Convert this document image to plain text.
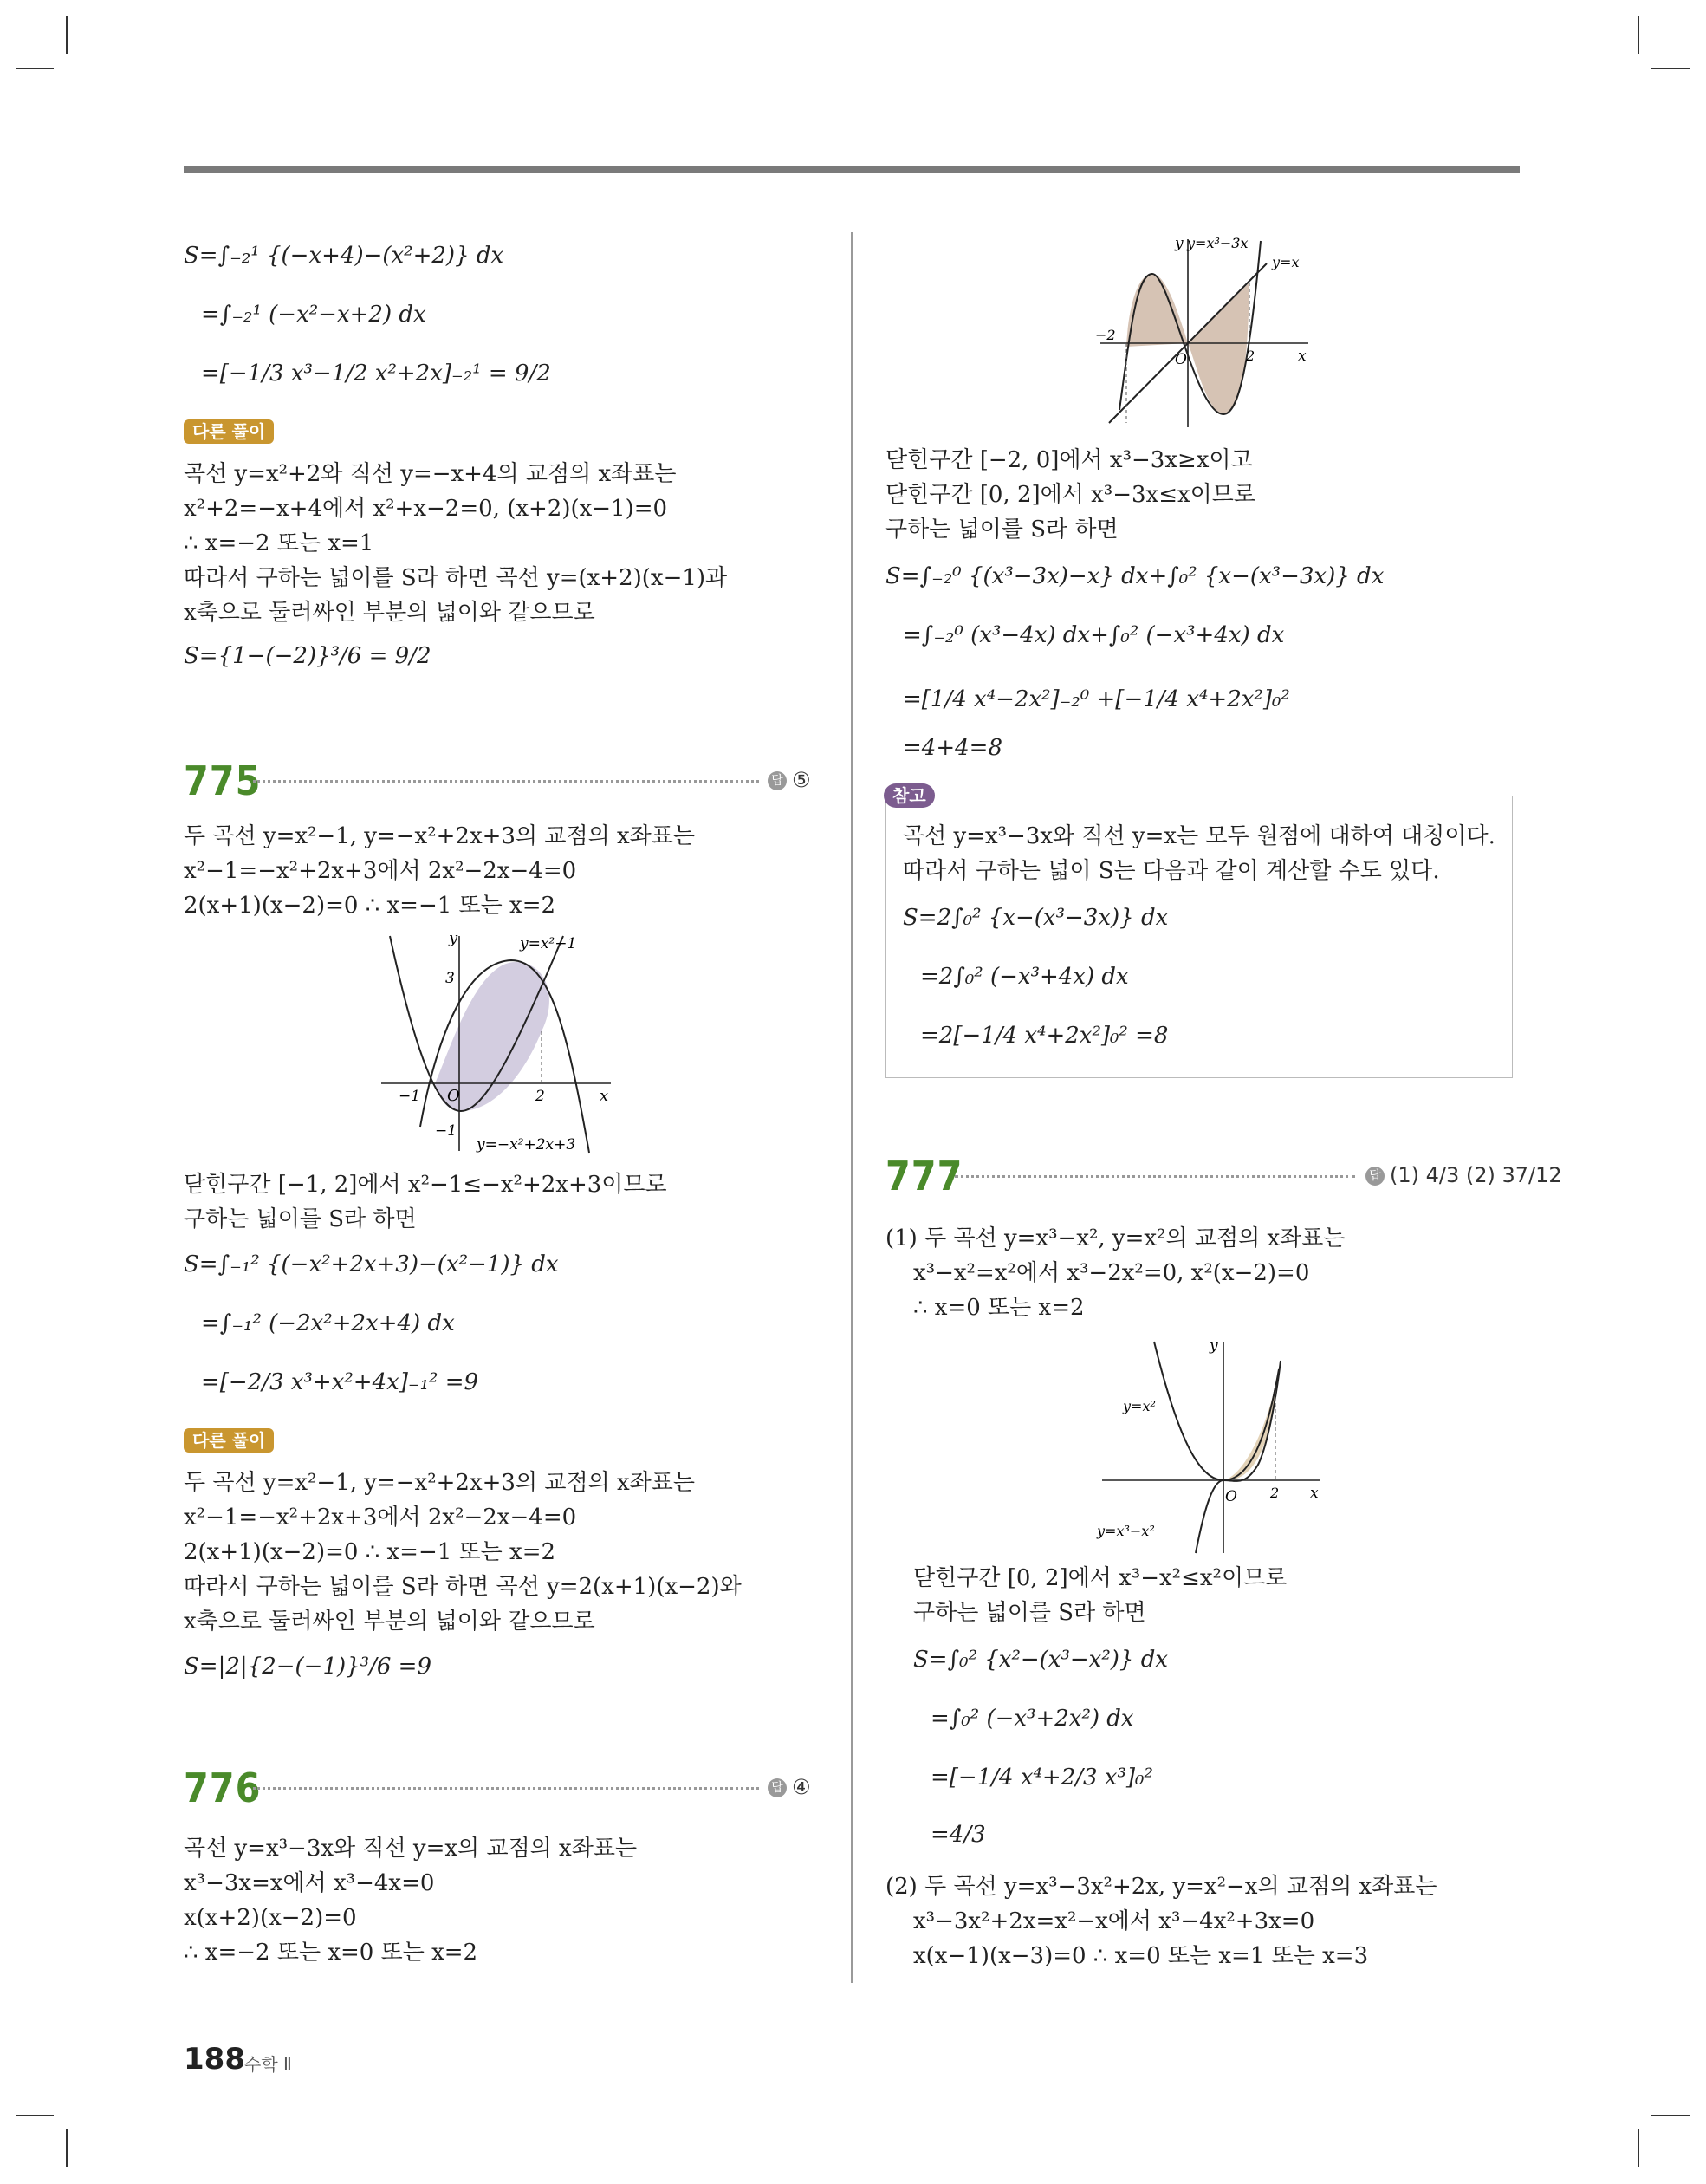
S=∫₋₂¹ {(−x+4)−(x²+2)} dx
=∫₋₂¹ (−x²−x+2) dx
=[−1/3 x³−1/2 x²+2x]₋₂¹ = 9/2
다른 풀이
곡선 y=x²+2와 직선 y=−x+4의 교점의 x좌표는
x²+2=−x+4에서 x²+x−2=0, (x+2)(x−1)=0
∴ x=−2 또는 x=1
따라서 구하는 넓이를 S라 하면 곡선 y=(x+2)(x−1)과
x축으로 둘러싸인 부분의 넓이와 같으므로
S={1−(−2)}³/6 = 9/2
775	답 ⑤
두 곡선 y=x²−1, y=−x²+2x+3의 교점의 x좌표는
x²−1=−x²+2x+3에서 2x²−2x−4=0
2(x+1)(x−2)=0 ∴ x=−1 또는 x=2
y
x
O
3
−1	2
−1
y=x²−1
y=−x²+2x+3
닫힌구간 [−1, 2]에서 x²−1≤−x²+2x+3이므로
구하는 넓이를 S라 하면
S=∫₋₁² {(−x²+2x+3)−(x²−1)} dx
=∫₋₁² (−2x²+2x+4) dx
=[−2/3 x³+x²+4x]₋₁² =9
다른 풀이
두 곡선 y=x²−1, y=−x²+2x+3의 교점의 x좌표는
x²−1=−x²+2x+3에서 2x²−2x−4=0
2(x+1)(x−2)=0 ∴ x=−1 또는 x=2
따라서 구하는 넓이를 S라 하면 곡선 y=2(x+1)(x−2)와
x축으로 둘러싸인 부분의 넓이와 같으므로
S=|2|{2−(−1)}³/6 =9
776	답 ④
곡선 y=x³−3x와 직선 y=x의 교점의 x좌표는
x³−3x=x에서 x³−4x=0
x(x+2)(x−2)=0
∴ x=−2 또는 x=0 또는 x=2
y
x
O
−2
2
y=x³−3x
y=x
닫힌구간 [−2, 0]에서 x³−3x≥x이고
닫힌구간 [0, 2]에서 x³−3x≤x이므로
구하는 넓이를 S라 하면
S=∫₋₂⁰ {(x³−3x)−x} dx+∫₀² {x−(x³−3x)} dx
=∫₋₂⁰ (x³−4x) dx+∫₀² (−x³+4x) dx
=[1/4 x⁴−2x²]₋₂⁰ +[−1/4 x⁴+2x²]₀²
=4+4=8
참고
곡선 y=x³−3x와 직선 y=x는 모두 원점에 대하여 대칭이다.
따라서 구하는 넓이 S는 다음과 같이 계산할 수도 있다.
S=2∫₀² {x−(x³−3x)} dx
=2∫₀² (−x³+4x) dx
=2[−1/4 x⁴+2x²]₀² =8
777	답 (1) 4/3 (2) 37/12
(1) 두 곡선 y=x³−x², y=x²의 교점의 x좌표는
x³−x²=x²에서 x³−2x²=0, x²(x−2)=0
∴ x=0 또는 x=2
y
x
O 2
y=x²
y=x³−x²
닫힌구간 [0, 2]에서 x³−x²≤x²이므로
구하는 넓이를 S라 하면
S=∫₀² {x²−(x³−x²)} dx
=∫₀² (−x³+2x²) dx
=[−1/4 x⁴+2/3 x³]₀²
=4/3
(2) 두 곡선 y=x³−3x²+2x, y=x²−x의 교점의 x좌표는
x³−3x²+2x=x²−x에서 x³−4x²+3x=0
x(x−1)(x−3)=0 ∴ x=0 또는 x=1 또는 x=3
188 수학 Ⅱ
